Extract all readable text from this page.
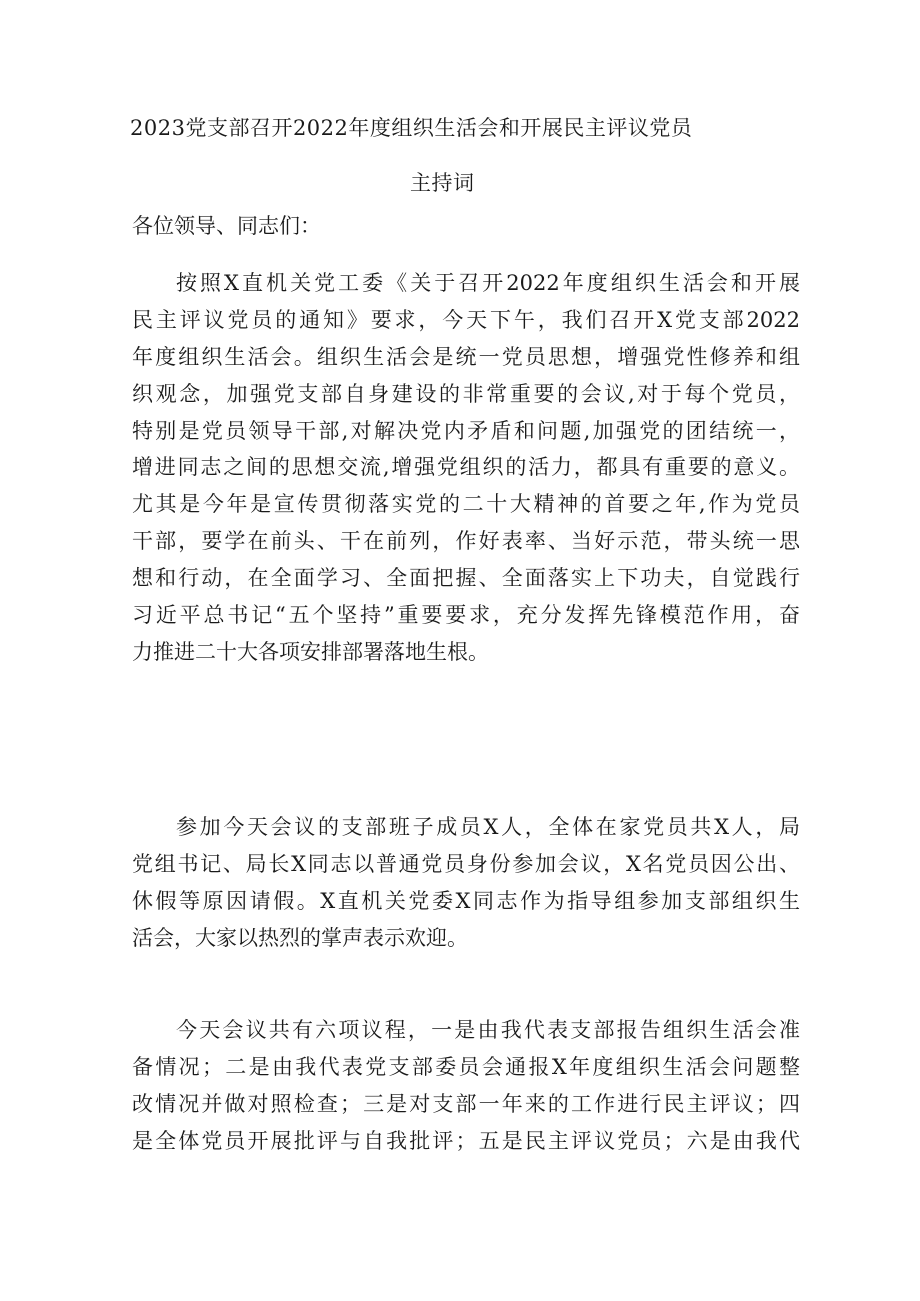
2023党支部召开2022年度组织生活会和开展民主评议党员
主持词

各位领导、同志们：

按照X直机关党工委《关于召开2022年度组织生活会和开展
民主评议党员的通知》要求，今天下午，我们召开X党支部2022
年度组织生活会。组织生活会是统一党员思想，增强党性修养和组
织观念，加强党支部自身建设的非常重要的会议,对于每个党员，
特别是党员领导干部,对解决党内矛盾和问题,加强党的团结统一，
增进同志之间的思想交流,增强党组织的活力，都具有重要的意义。
尤其是今年是宣传贯彻落实党的二十大精神的首要之年,作为党员
干部，要学在前头、干在前列，作好表率、当好示范，带头统一思
想和行动，在全面学习、全面把握、全面落实上下功夫，自觉践行
习近平总书记“五个坚持”重要要求，充分发挥先锋模范作用，奋
力推进二十大各项安排部署落地生根。
参加今天会议的支部班子成员X人，全体在家党员共X人，局
党组书记、局长X同志以普通党员身份参加会议，X名党员因公出、
休假等原因请假。X直机关党委X同志作为指导组参加支部组织生
活会，大家以热烈的掌声表示欢迎。
今天会议共有六项议程，一是由我代表支部报告组织生活会准
备情况；二是由我代表党支部委员会通报X年度组织生活会问题整
改情况并做对照检查；三是对支部一年来的工作进行民主评议；四
是全体党员开展批评与自我批评；五是民主评议党员；六是由我代
